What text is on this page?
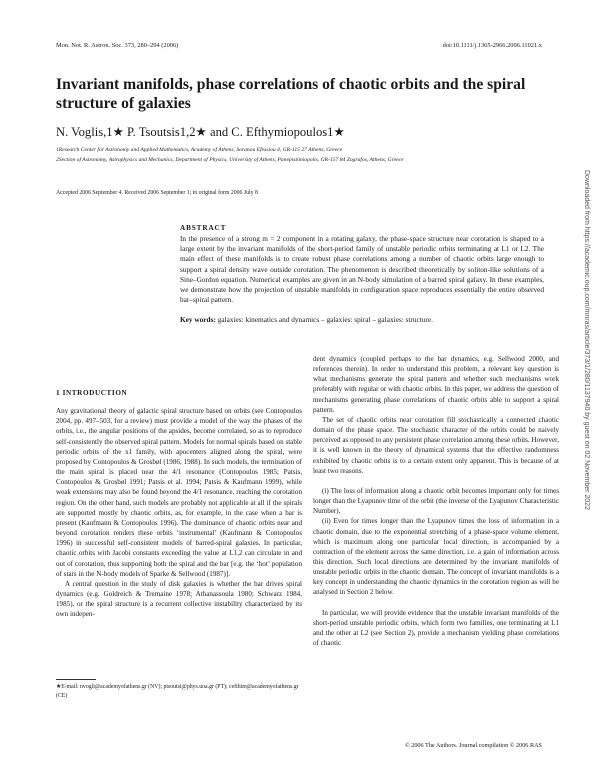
Mon. Not. R. Astron. Soc. 373, 280–294 (2006)	doi:10.1111/j.1365-2966.2006.11021.x
Invariant manifolds, phase correlations of chaotic orbits and the spiral structure of galaxies
N. Voglis,1★ P. Tsoutsis1,2★ and C. Efthymiopoulos1★
1Research Center for Astronomy and Applied Mathematics, Academy of Athens, Soranou Efessiou 4, GR-115 27 Athens, Greece
2Section of Astronomy, Astrophysics and Mechanics, Department of Physics, University of Athens, Panepistimiopolis, GR-157 84 Zografos, Athens, Greece
Accepted 2006 September 4. Received 2006 September 1; in original form 2006 July 8
ABSTRACT
In the presence of a strong m = 2 component in a rotating galaxy, the phase-space structure near corotation is shaped to a large extent by the invariant manifolds of the short-period family of unstable periodic orbits terminating at L1 or L2. The main effect of these manifolds is to create robust phase correlations among a number of chaotic orbits large enough to support a spiral density wave outside corotation. The phenomenon is described theoretically by soliton-like solutions of a Sine–Gordon equation. Numerical examples are given in an N-body simulation of a barred spiral galaxy. In these examples, we demonstrate how the projection of unstable manifolds in configuration space reproduces essentially the entire observed bar–spiral pattern.
Key words: galaxies: kinematics and dynamics – galaxies: spiral – galaxies: structure.
1 INTRODUCTION

Any gravitational theory of galactic spiral structure based on orbits (see Contopoulos 2004, pp. 497–503, for a review) must provide a model of the way the phases of the orbits, i.e., the angular positions of the apsides, become correlated, so as to reproduce self-consistently the observed spiral pattern. Models for normal spirals based on stable periodic orbits of the x1 family, with apocenters aligned along the spiral, were proposed by Contopoulos & Grosbøl (1986, 1988). In such models, the termination of the main spiral is placed near the 4/1 resonance (Contopoulos 1985; Patsis, Contopoulos & Grosbøl 1991; Patsis et al. 1994; Patsis & Kaufmann 1999), while weak extensions may also be found beyond the 4/1 resonance, reaching the corotation region. On the other hand, such models are probably not applicable at all if the spirals are supported mostly by chaotic orbits, as, for example, in the case when a bar is present (Kaufmann & Contopoulos 1996). The dominance of chaotic orbits near and beyond corotation renders these orbits ‘instrumental’ (Kaufmann & Contopoulos 1996) in successful self-consistent models of barred-spiral galaxies. In particular, chaotic orbits with Jacobi constants exceeding the value at L1,2 can circulate in and out of corotation, thus supporting both the spiral and the bar [e.g. the ‘hot’ population of stars in the N-body models of Sparke & Sellwood (1987)].

A central question in the study of disk galaxies is whether the bar drives spiral dynamics (e.g. Goldreich & Tremaine 1978; Athanassoula 1980; Schwarz 1984, 1985), or the spiral structure is a recurrent collective instability characterized by its own indepen-

dent dynamics (coupled perhaps to the bar dynamics, e.g. Sellwood 2000, and references therein). In order to understand this problem, a relevant key question is what mechanisms generate the spiral pattern and whether such mechanisms work preferably with regular or with chaotic orbits. In this paper, we address the question of mechanisms generating phase correlations of chaotic orbits able to support a spiral pattern.

The set of chaotic orbits near corotation fill stochastically a connected chaotic domain of the phase space. The stochastic character of the orbits could be naively perceived as opposed to any persistent phase correlation among these orbits. However, it is well known in the theory of dynamical systems that the effective randomness exhibited by chaotic orbits is to a certain extent only apparent. This is because of at least two reasons.

(i) The loss of information along a chaotic orbit becomes important only for times longer than the Lyapunov time of the orbit (the inverse of the Lyapunov Characteristic Number).

(ii) Even for times longer than the Lyapunov times the loss of information in a chaotic domain, due to the exponential stretching of a phase-space volume element, which is maximum along one particular local direction, is accompanied by a contraction of the element across the same direction, i.e. a gain of information across this direction. Such local directions are determined by the invariant manifolds of unstable periodic orbits in the chaotic domain. The concept of invariant manifolds is a key concept in understanding the chaotic dynamics in the corotation region as will be analysed in Section 2 below.

In particular, we will provide evidence that the unstable invariant manifolds of the short-period unstable periodic orbits, which form two families, one terminating at L1 and the other at L2 (see Section 2), provide a mechanism yielding phase correlations of chaotic

★E-mail: nvogli@academyofathens.gr (NV); ptsoutsi@phys.uoa.gr (PT); cefthim@academyofathens.gr (CE)
© 2006 The Authors. Journal compilation © 2006 RAS
Downloaded from https://academic.oup.com/mnras/article/373/1/280/1137940 by guest on 02 November 2022
